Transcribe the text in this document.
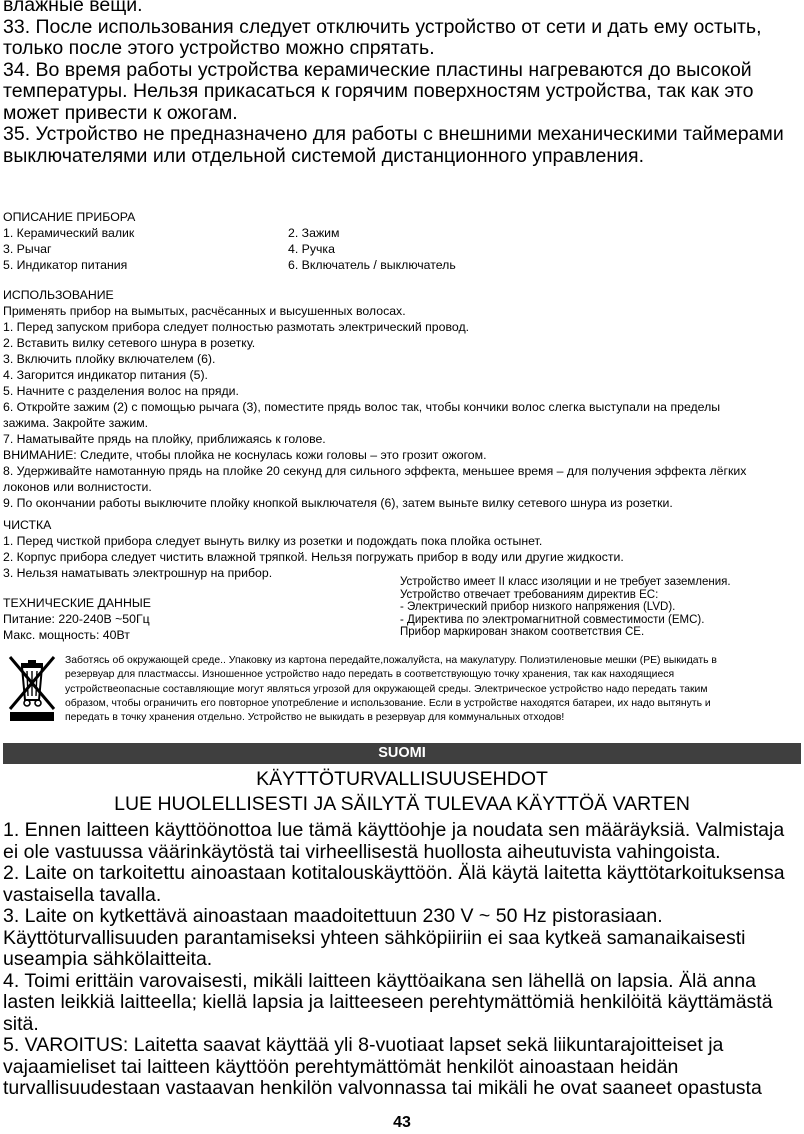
влажные вещи.

33. После использования следует отключить устройство от сети и дать ему остыть,

только после этого устройство можно спрятать.

34. Во время работы устройства керамические пластины нагреваются до высокой

температуры. Нельзя прикасаться к горячим поверхностям устройства, так как это

может привести к ожогам.

35. Устройство не предназначено для работы с внешними механическими таймерами

выключателями или отдельной системой дистанционного управления.

ОПИСАНИЕ ПРИБОРА

1. Керамический валик	2. Зажим

3. Рычаг	4. Ручка

5. Индикатор питания	6. Включатель / выключатель

ИСПОЛЬЗОВАНИЕ

Применять прибор на вымытых, расчёсанных и высушенных волосах.

1. Перед запуском прибора следует полностью размотать электрический провод.

2. Вставить вилку сетевого шнура в розетку.

3. Включить плойку включателем (6).

4. Загорится индикатор питания (5).

5. Начните с разделения волос на пряди.

6. Откройте зажим (2) с помощью рычага (3), поместите прядь волос так, чтобы кончики волос слегка выступали на пределы

зажима. Закройте зажим.

7. Наматывайте прядь на плойку, приближаясь к голове.

ВНИМАНИЕ: Следите, чтобы плойка не коснулась кожи головы – это грозит ожогом.

8. Удерживайте намотанную прядь на плойке 20 секунд для сильного эффекта, меньшее время – для получения эффекта лёгких

локонов или волнистости.

9. По окончании работы выключите плойку кнопкой выключателя (6), затем выньте вилку сетевого шнура из розетки.

ЧИСТКА

1. Перед чисткой прибора следует вынуть вилку из розетки и подождать пока плойка остынет.

2. Корпус прибора следует чистить влажной тряпкой. Нельзя погружать прибор в воду или другие жидкости.

3. Нельзя наматывать электрошнур на прибор.

ТЕХНИЧЕСКИЕ ДАННЫЕ

Питание: 220-240В ~50Гц

Макс. мощность: 40Вт

Устройство имеет II класс изоляции и не требует заземления.

Устройство отвечает требованиям директив ЕС:

- Электрический прибор низкого напряжения (LVD).

- Директива по электромагнитной совместимости (EMC).

Прибор маркирован знаком соответствия CE.

Заботясь об окружающей среде.. Упаковку из картона передайте,пожалуйста, на макулатуру. Полиэтиленовые мешки (PE) выкидать в
резервуар для пластмассы. Изношенное устройство надо передать в соответствующую точку хранения, так как находящиеся
устройствеопасные составляющие могут являться угрозой для окружающей среды. Электрическое устройство надо передать таким
образом, чтобы ограничить его повторное употребление и использование. Если в устройстве находятся батареи, их надо вытянуть и
передать в точку хранения отдельно. Устройство не выкидать в резервуар для коммунальных отходов!
SUOMI
KÄYTTÖTURVALLISUUSEHDOT
LUE HUOLELLISESTI JA SÄILYTÄ TULEVAA KÄYTTÖÄ VARTEN

1. Ennen laitteen käyttöönottoa lue tämä käyttöohje ja noudata sen määräyksiä. Valmistaja

ei ole vastuussa väärinkäytöstä tai virheellisestä huollosta aiheutuvista vahingoista.

2. Laite on tarkoitettu ainoastaan kotitalouskäyttöön. Älä käytä laitetta käyttötarkoituksensa

vastaisella tavalla.

3. Laite on kytkettävä ainoastaan maadoitettuun 230 V ~ 50 Hz pistorasiaan.

Käyttöturvallisuuden parantamiseksi yhteen sähköpiiriin ei saa kytkeä samanaikaisesti

useampia sähkölaitteita.

4. Toimi erittäin varovaisesti, mikäli laitteen käyttöaikana sen lähellä on lapsia. Älä anna

lasten leikkiä laitteella; kiellä lapsia ja laitteeseen perehtymättömiä henkilöitä käyttämästä

sitä.

5. VAROITUS: Laitetta saavat käyttää yli 8-vuotiaat lapset sekä liikuntarajoitteiset ja

vajaamieliset tai laitteen käyttöön perehtymättömät henkilöt ainoastaan heidän

turvallisuudestaan vastaavan henkilön valvonnassa tai mikäli he ovat saaneet opastusta

43
